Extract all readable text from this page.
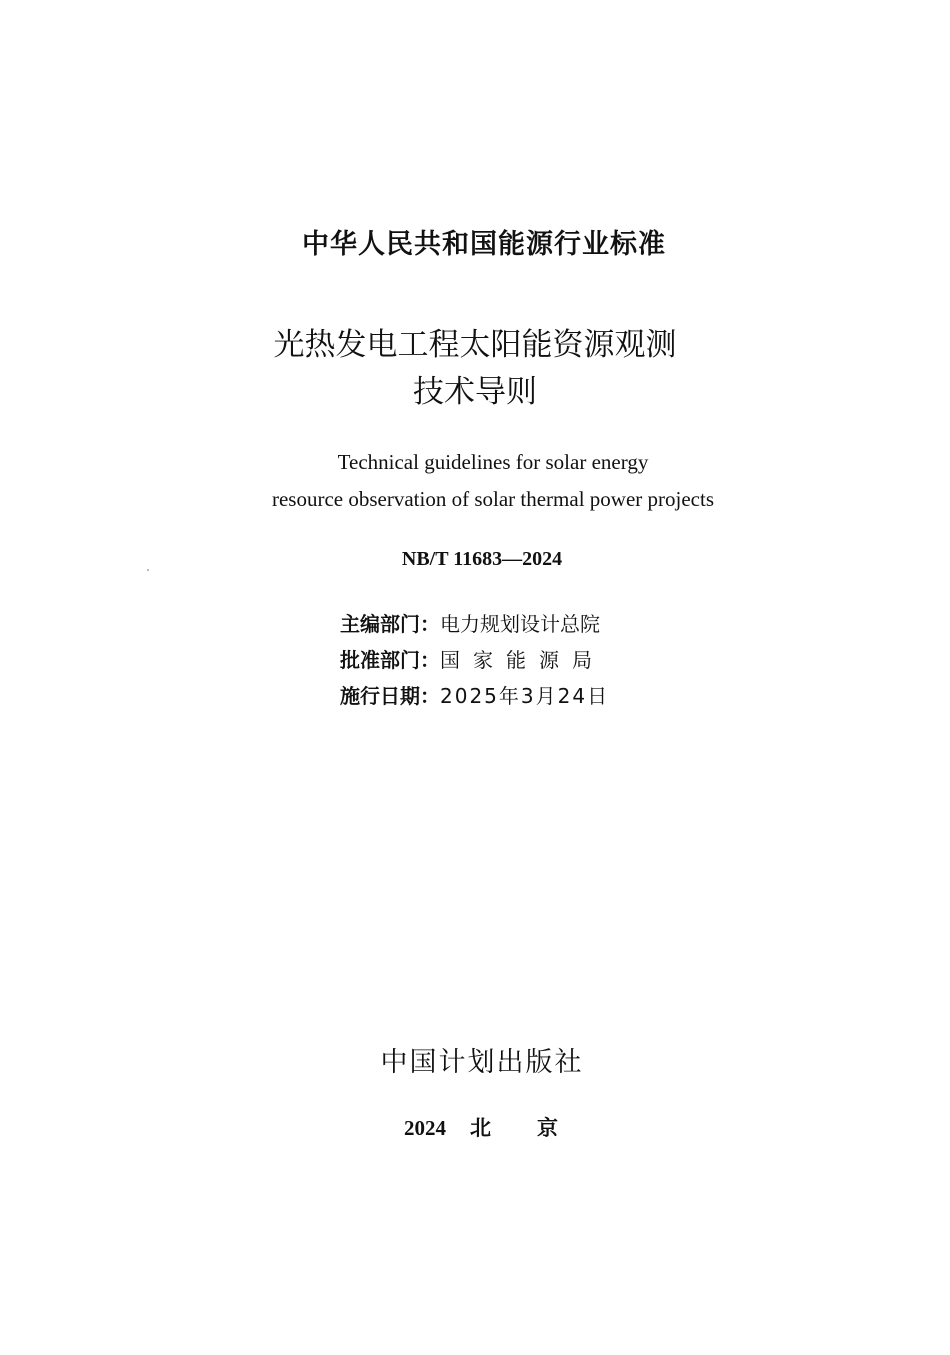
中华人民共和国能源行业标准
光热发电工程太阳能资源观测
技术导则
Technical guidelines for solar energy
resource observation of solar thermal power projects
NB/T 11683—2024
主编部门：电力规划设计总院
批准部门：国家能源局
施行日期：2025年3月24日
中国计划出版社
2024 北 京
